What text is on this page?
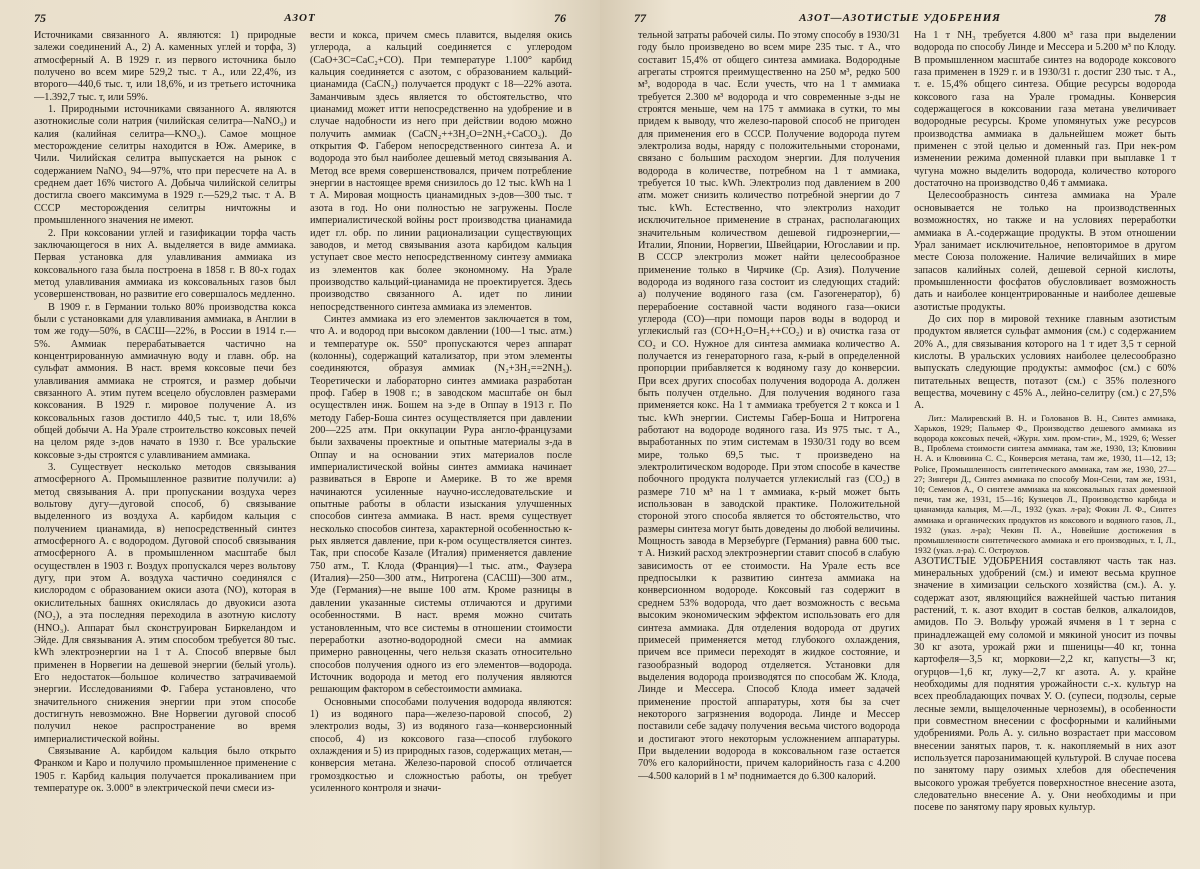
75	АЗОТ	76

Источниками связанного А. являются: 1) природные залежи соединений А., 2) А. каменных углей и торфа, 3) атмосферный А. В 1929 г. из первого источника было получено во всем мире 529,2 тыс. т А., или 22,4%, из второго—440,6 тыс. т, или 18,6%, и из третьего источника—1.392,7 тыс. т, или 59%.

1. Природными источниками связанного А. являются азотнокислые соли натрия (чилийская селитра—NaNO₃) и калия (калийная селитра—KNO₃). Самое мощное месторождение селитры находится в Юж. Америке, в Чили. Чилийская селитра выпускается на рынок с содержанием NaNO₃ 94—97%, что при пересчете на А. в среднем дает 16% чистого А. Добыча чилийской селитры достигла своего максимума в 1929 г.—529,2 тыс. т А. В СССР месторождения селитры ничтожны и промышленного значения не имеют.

2. При коксовании углей и газификации торфа часть заключающегося в них А. выделяется в виде аммиака. Первая установка для улавливания аммиака из коксовального газа была построена в 1858 г. В 80-х годах метод улавливания аммиака из коксовальных газов был усовершенствован, но развитие его совершалось медленно.

В 1909 г. в Германии только 80% производства кокса были с установками для улавливания аммиака, в Англии в том же году—50%, в САСШ—22%, в России в 1914 г.—5%. Аммиак перерабатывается частично на концентрированную аммиачную воду и главн. обр. на сульфат аммония. В наст. время коксовые печи без улавливания аммиака не строятся, и размер добычи связанного А. этим путем всецело обусловлен размерами коксования. В 1929 г. мировое получение А. из коксовальных газов достигло 440,5 тыс. т, или 18,6% общей добычи А. На Урале строительство коксовых печей на целом ряде з-дов начато в 1930 г. Все уральские коксовые з-ды строятся с улавливанием аммиака.

3. Существует несколько методов связывания атмосферного А. Промышленное развитие получили: а) метод связывания А. при пропускании воздуха через вольтову дугу—дуговой способ, б) связывание выделенного из воздуха А. карбидом кальция с получением цианамида, в) непосредственный синтез атмосферного А. с водородом. Дуговой способ связывания атмосферного А. в промышленном масштабе был осуществлен в 1903 г. Воздух пропускался через вольтову дугу, при этом А. воздуха частично соединялся с кислородом с образованием окиси азота (NO), которая в окислительных башнях окислялась до двуокиси азота (NO₂), а эта последняя переходила в азотную кислоту (HNO₃). Аппарат был сконструирован Биркеландом и Эйде. Для связывания А. этим способом требуется 80 тыс. kWh электроэнергии на 1 т А. Способ впервые был применен в Норвегии на дешевой энергии (белый уголь). Его недостаток—большое количество затрачиваемой энергии. Исследованиями Ф. Габера установлено, что значительного снижения энергии при этом способе достигнуть невозможно. Вне Норвегии дуговой способ получил некое распространение во время империалистической войны.

Связывание А. карбидом кальция было открыто Франком и Каро и получило промышленное применение с 1905 г. Карбид кальция получается прокаливанием при температуре ок. 3.000° в электрической печи смеси из-

вести и кокса, причем смесь плавится, выделяя окись углерода, а кальций соединяется с углеродом (CaO+3C=CaC₂+CO). При температуре 1.100° карбид кальция соединяется с азотом, с образованием кальций-цианамида (CaCN₂) получается продукт с 18—22% азота. Заманчивым здесь является то обстоятельство, что цианамид может итти непосредственно на удобрение и в случае надобности из него при действии водою можно получить аммиак (CaCN₂++3H₂O=2NH₃+CaCO₃). До открытия Ф. Габером непосредственного синтеза А. и водорода это был наиболее дешевый метод связывания А. Метод все время совершенствовался, причем потребление энергии в настоящее время снизилось до 12 тыс. kWh на 1 т А. Мировая мощность цианамидных з-дов—300 тыс. т азота в год. Но они полностью не загружены. После империалистической войны рост производства цианамида идет гл. обр. по линии рационализации существующих заводов, и метод связывания азота карбидом кальция уступает свое место непосредственному синтезу аммиака из элементов как более экономному. На Урале производство кальций-цианамида не проектируется. Здесь производство связанного А. идет по линии непосредственного синтеза аммиака из элементов.

Синтез аммиака из его элементов заключается в том, что А. и водород при высоком давлении (100—1 тыс. атм.) и температуре ок. 550° пропускаются через аппарат (колонны), содержащий катализатор, при этом элементы соединяются, образуя аммиак (N₂+3H₂==2NH₃). Теоретически и лабораторно синтез аммиака разработан проф. Габер в 1908 г.; в заводском масштабе он был осуществлен инж. Бошем на з-де в Оппау в 1913 г. По методу Габер-Боша синтез осуществляется при давлении 200—225 атм. При оккупации Рура англо-французами были захвачены проектные и опытные материалы з-да в Оппау и на основании этих материалов после империалистической войны синтез аммиака начинает развиваться в Европе и Америке. В то же время начинаются усиленные научно-исследовательские и опытные работы в области изыскания улучшенных способов синтеза аммиака. В наст. время существует несколько способов синтеза, характерной особенностью к-рых является давление, при к-ром осуществляется синтез. Так, при способе Казале (Италия) применяется давление 750 атм., Т. Клода (Франция)—1 тыс. атм., Фаузера (Италия)—250—300 атм., Нитрогена (САСШ)—300 атм., Уде (Германия)—не выше 100 атм. Кроме разницы в давлении указанные системы отличаются и другими особенностями. В наст. время можно считать установленным, что все системы в отношении стоимости переработки азотно-водородной смеси на аммиак примерно равноценны, чего нельзя сказать относительно способов получения одного из его элементов—водорода. Источник водорода и метод его получения являются решающим фактором в себестоимости аммиака.

Основными способами получения водорода являются: 1) из водяного пара—железо-паровой способ, 2) электролиз воды, 3) из водяного газа—конверсионный способ, 4) из коксового газа—способ глубокого охлаждения и 5) из природных газов, содержащих метан,—конверсия метана. Железо-паровой способ отличается громоздкостью и сложностью работы, он требует усиленного контроля и значи-

77	АЗОТ—АЗОТИСТЫЕ УДОБРЕНИЯ	78

тельной затраты рабочей силы. По этому способу в 1930/31 году было произведено во всем мире 235 тыс. т А., что составит 15,4% от общего синтеза аммиака. Водородные агрегаты строятся преимущественно на 250 м³, редко 500 м³, водорода в час. Если учесть, что на 1 т аммиака требуется 2.300 м³ водорода и что современные з-ды не строятся меньше, чем на 175 т аммиака в сутки, то мы придем к выводу, что железо-паровой способ не пригоден для применения его в СССР. Получение водорода путем электролиза воды, наряду с положительными сторонами, связано с большим расходом энергии. Для получения водорода в количестве, потребном на 1 т аммиака, требуется 10 тыс. kWh. Электролиз под давлением в 200 атм. может снизить количество потребной энергии до 7 тыс. kWh. Естественно, что электролиз находит исключительное применение в странах, располагающих значительным количеством дешевой гидроэнергии,—Италии, Японии, Норвегии, Швейцарии, Югославии и пр. В СССР электролиз может найти целесообразное применение только в Чирчике (Ср. Азия). Получение водорода из водяного газа состоит из следующих стадий: а) получение водяного газа (см. Газогенератор), б) перерабоение составной части водяного газа—окиси углерода (CO)—при помощи паров воды в водород и углекислый газ (CO+H₂O=H₂++CO₂) и в) очистка газа от CO₂ и CO. Нужное для синтеза аммиака количество А. получается из генераторного газа, к-рый в определенной пропорции прибавляется к водяному газу до конверсии. При всех других способах получения водорода А. должен быть получен отдельно. Для получения водяного газа применяется кокс. На 1 т аммиака требуется 2 т кокса и 1 тыс. kWh энергии. Системы Габер-Боша и Нитрогена работают на водороде водяного газа. Из 975 тыс. т А., выработанных по этим системам в 1930/31 году во всем мире, только 69,5 тыс. т произведено на электролитическом водороде. При этом способе в качестве побочного продукта получается углекислый газ (CO₂) в размере 710 м³ на 1 т аммиака, к-рый может быть использован в заводской практике. Положительной стороной этого способа является то обстоятельство, что размеры синтеза могут быть доведены до любой величины. Мощность завода в Мерзебурге (Германия) равна 600 тыс. т А. Низкий расход электроэнергии ставит способ в слабую зависимость от ее стоимости. На Урале есть все предпосылки к развитию синтеза аммиака на конверсионном водороде. Коксовый газ содержит в среднем 53% водорода, что дает возможность с весьма высоким экономическим эффектом использовать его для синтеза аммиака. Для отделения водорода от других примесей применяется метод глубокого охлаждения, причем все примеси переходят в жидкое состояние, и газообразный водород отделяется. Установки для выделения водорода производятся по способам Ж. Клода, Линде и Мессера. Способ Клода имеет задачей применение простой аппаратуры, хотя бы за счет некоторого загрязнения водорода. Линде и Мессер поставили себе задачу получения весьма чистого водорода и достигают этого некоторым усложнением аппаратуры. При выделении водорода в коксовальном газе остается 70% его калорийности, причем калорийность газа с 4.200—4.500 калорий в 1 м³ поднимается до 6.300 калорий.

На 1 т NH₃ требуется 4.800 м³ газа при выделении водорода по способу Линде и Мессера и 5.200 м³ по Клоду. В промышленном масштабе синтез на водороде коксового газа применен в 1929 г. и в 1930/31 г. достиг 230 тыс. т А., т. е. 15,4% общего синтеза. Общие ресурсы водорода коксового газа на Урале громадны. Конверсия содержащегося в коксовании газа метана увеличивает водородные ресурсы. Кроме упомянутых уже ресурсов производства аммиака в дальнейшем может быть применен с этой целью и доменный газ. При нек-ром изменении режима доменной плавки при выплавке 1 т чугуна можно выделить водорода, количество которого достаточно на производство 0,46 т аммиака.

Целесообразность синтеза аммиака на Урале основывается не только на производственных возможностях, но также и на условиях переработки аммиака в А.-содержащие продукты. В этом отношении Урал занимает исключительное, неповторимое в другом месте Союза положение. Наличие величайших в мире запасов калийных солей, дешевой серной кислоты, промышленности фосфатов обусловливает возможность дать и наиболее концентрированные и наиболее дешевые азотистые продукты.

До сих пор в мировой технике главным азотистым продуктом является сульфат аммония (см.) с содержанием 20% А., для связывания которого на 1 т идет 3,5 т серной кислоты. В уральских условиях наиболее целесообразно выпускать следующие продукты: аммофос (см.) с 60% питательных веществ, потазот (см.) с 35% полезного вещества, мочевину с 45% А., лейно-селитру (см.) с 27,5% А.

Лит.: Малиревский В. Н. и Голованов В. Н., Синтез аммиака, Харьков, 1929; Пальмер Ф., Производство дешевого аммиака из водорода коксовых печей, «Журн. хим. пром-сти», М., 1929, 6; Wesser B., Проблема стоимости синтеза аммиака, там же, 1930, 13; Клювиин Н. А. и Клювиина С. С., Конверсия метана, там же, 1930, 11—12, 13; Police, Промышленность синтетического аммиака, там же, 1930, 27—27; Зингерн Д., Синтез аммиака по способу Мон-Сени, там же, 1931, 10; Семенов А., О синтезе аммиака на коксовальных газах доменной печи, там же, 1931, 15—16; Кузнецов Л., Производство карбида и цианамида кальция, М.—Л., 1932 (указ. л-ра); Фокин Л. Ф., Синтез аммиака и органических продуктов из коксового и водяного газов, Л., 1932 (указ. л-ра); Чекин П. А., Новейшие достижения в промышленности синтетического аммиака и его производных, т. I, Л., 1932 (указ. л-ра). С. Остроухов.

АЗОТИСТЫЕ УДОБРЕНИЯ составляют часть так наз. минеральных удобрений (см.) и имеют весьма крупное значение в химизации сельского хозяйства (см.). А. у. содержат азот, являющийся важнейшей частью питания растений, т. к. азот входит в состав белков, алкалоидов, амидов. По Э. Вольфу урожай ячменя в 1 т зерна с принадлежащей ему соломой и мякиной уносит из почвы 30 кг азота, урожай ржи и пшеницы—40 кг, тонна картофеля—3,5 кг, моркови—2,2 кг, капусты—3 кг, огурцов—1,6 кг, луку—2,7 кг азота. А. у. крайне необходимы для поднятия урожайности с.-х. культур на всех преобладающих почвах У. О. (супеси, подзолы, серые лесные земли, выщелоченные черноземы), в особенности при совместном внесении с фосфорными и калийными удобрениями. Роль А. у. сильно возрастает при массовом внесении занятых паров, т. к. накопляемый в них азот используется парозанимающей культурой. В случае посева по занятому пару озимых хлебов для обеспечения высокого урожая требуется поверхностное внесение азота, следовательно внесение А. у. Они необходимы и при посеве по занятому пару яровых культур.
